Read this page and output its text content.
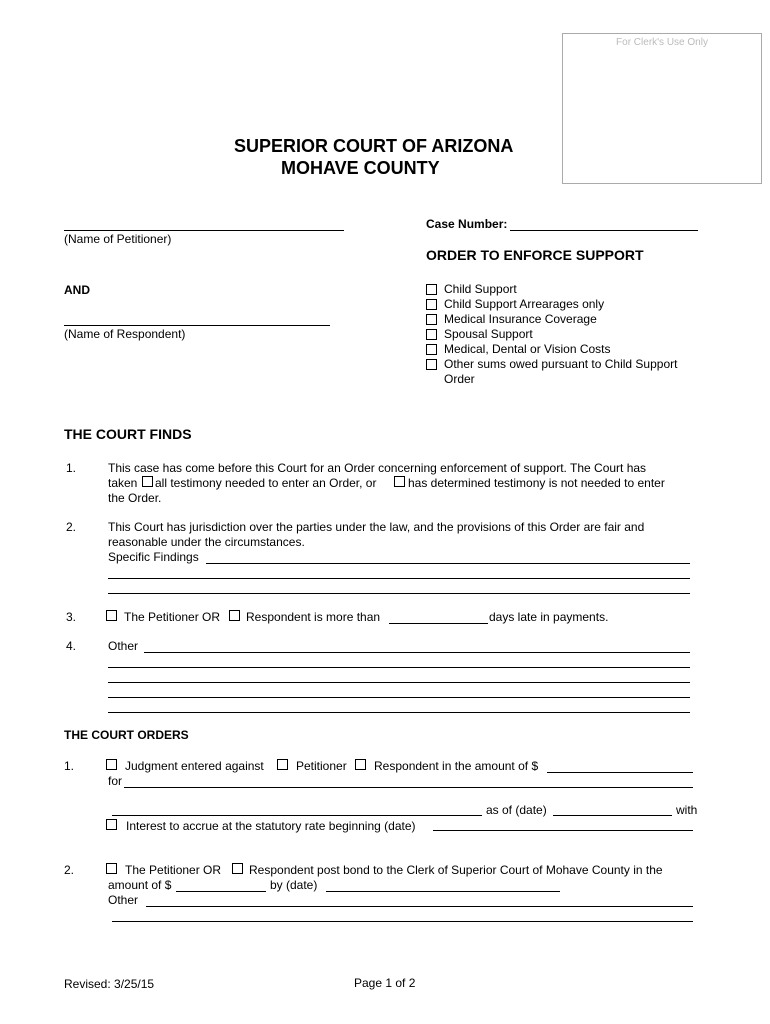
For Clerk's Use Only
SUPERIOR COURT OF ARIZONA
MOHAVE COUNTY
(Name of Petitioner)
AND
(Name of Respondent)
Case Number:
ORDER TO ENFORCE SUPPORT
Child Support
Child Support Arrearages only
Medical Insurance Coverage
Spousal Support
Medical, Dental or Vision Costs
Other sums owed pursuant to Child Support
Order
THE COURT FINDS
1.	This case has come before this Court for an Order concerning enforcement of support. The Court has
taken all testimony needed to enter an Order, or	has determined testimony is not needed to enter
the Order.
2.	This Court has jurisdiction over the parties under the law, and the provisions of this Order are fair and
reasonable under the circumstances.
Specific Findings
3.	The Petitioner OR Respondent is more than	days late in payments.
4.	Other
THE COURT ORDERS
1.	Judgment entered against	Petitioner Respondent in the amount of $
for
as of (date)	with
Interest to accrue at the statutory rate beginning (date)
2.	The Petitioner OR Respondent post bond to the Clerk of Superior Court of Mohave County in the
amount of $	by (date)
Other
Revised: 3/25/15	Page 1 of 2
